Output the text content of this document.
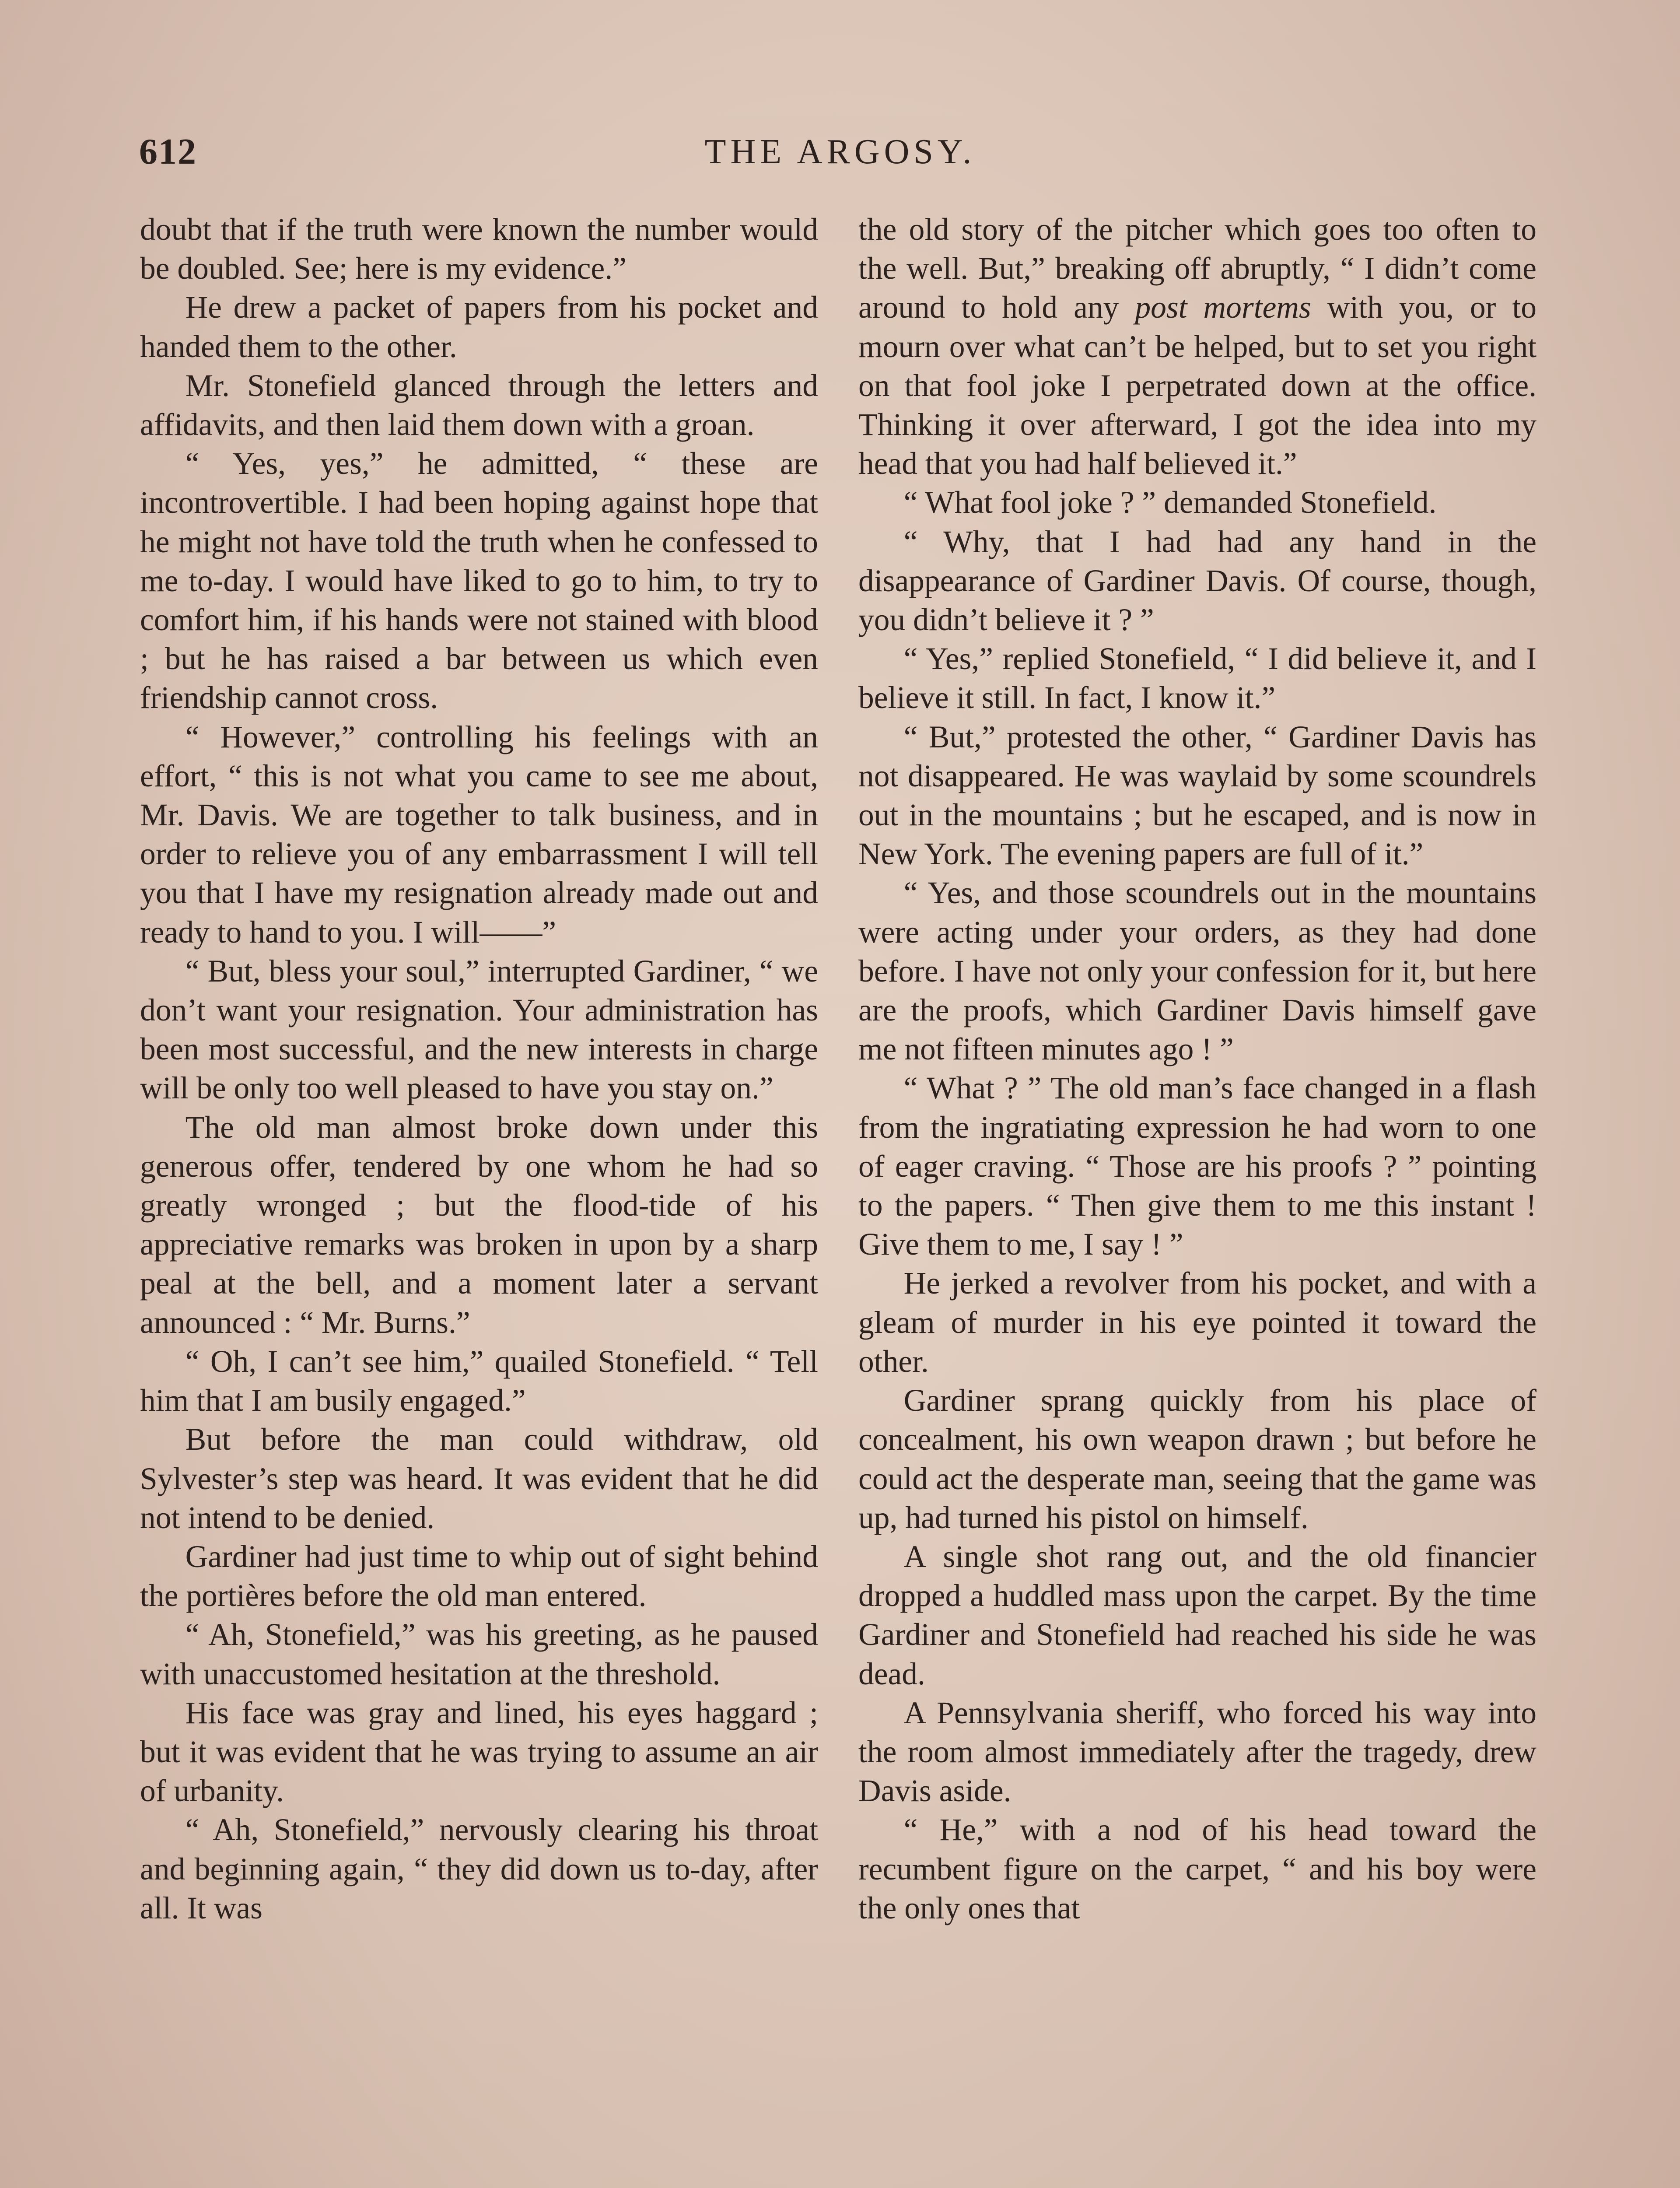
612	THE ARGOSY.

doubt that if the truth were known the number would be doubled. See; here is my evidence.”

He drew a packet of papers from his pocket and handed them to the other.

Mr. Stonefield glanced through the letters and affidavits, and then laid them down with a groan.

“ Yes, yes,” he admitted, “ these are incontrovertible. I had been hoping against hope that he might not have told the truth when he confessed to me to-day. I would have liked to go to him, to try to comfort him, if his hands were not stained with blood ; but he has raised a bar between us which even friendship cannot cross.

“ However,” controlling his feelings with an effort, “ this is not what you came to see me about, Mr. Davis. We are together to talk business, and in order to relieve you of any embarrassment I will tell you that I have my resignation already made out and ready to hand to you. I will——”

“ But, bless your soul,” interrupted Gardiner, “ we don’t want your resignation. Your administration has been most successful, and the new interests in charge will be only too well pleased to have you stay on.”

The old man almost broke down under this generous offer, tendered by one whom he had so greatly wronged ; but the flood-tide of his appreciative remarks was broken in upon by a sharp peal at the bell, and a moment later a servant announced : “ Mr. Burns.”

“ Oh, I can’t see him,” quailed Stonefield. “ Tell him that I am busily engaged.”

But before the man could withdraw, old Sylvester’s step was heard. It was evident that he did not intend to be denied.

Gardiner had just time to whip out of sight behind the portières before the old man entered.

“ Ah, Stonefield,” was his greeting, as he paused with unaccustomed hesitation at the threshold.

His face was gray and lined, his eyes haggard ; but it was evident that he was trying to assume an air of urbanity.

“ Ah, Stonefield,” nervously clearing his throat and beginning again, “ they did down us to-day, after all. It was

the old story of the pitcher which goes too often to the well. But,” breaking off abruptly, “ I didn’t come around to hold any post mortems with you, or to mourn over what can’t be helped, but to set you right on that fool joke I perpetrated down at the office. Thinking it over afterward, I got the idea into my head that you had half believed it.”

“ What fool joke ? ” demanded Stonefield.

“ Why, that I had had any hand in the disappearance of Gardiner Davis. Of course, though, you didn’t believe it ? ”

“ Yes,” replied Stonefield, “ I did believe it, and I believe it still. In fact, I know it.”

“ But,” protested the other, “ Gardiner Davis has not disappeared. He was waylaid by some scoundrels out in the mountains ; but he escaped, and is now in New York. The evening papers are full of it.”

“ Yes, and those scoundrels out in the mountains were acting under your orders, as they had done before. I have not only your confession for it, but here are the proofs, which Gardiner Davis himself gave me not fifteen minutes ago ! ”

“ What ? ” The old man’s face changed in a flash from the ingratiating expression he had worn to one of eager craving. “ Those are his proofs ? ” pointing to the papers. “ Then give them to me this instant ! Give them to me, I say ! ”

He jerked a revolver from his pocket, and with a gleam of murder in his eye pointed it toward the other.

Gardiner sprang quickly from his place of concealment, his own weapon drawn ; but before he could act the desperate man, seeing that the game was up, had turned his pistol on himself.

A single shot rang out, and the old financier dropped a huddled mass upon the carpet. By the time Gardiner and Stonefield had reached his side he was dead.

A Pennsylvania sheriff, who forced his way into the room almost immediately after the tragedy, drew Davis aside.

“ He,” with a nod of his head toward the recumbent figure on the carpet, “ and his boy were the only ones that
